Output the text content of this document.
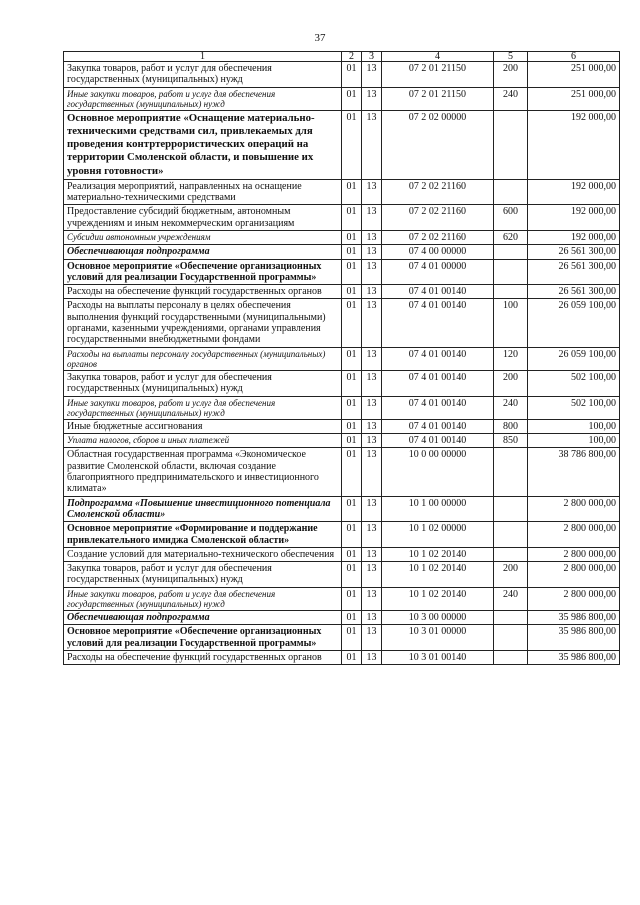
37
1	2	3	4	5	6
Закупка товаров, работ и услуг для обеспечения государственных (муниципальных) нужд	01	13	07 2 01 21150	200	251 000,00
Иные закупки товаров, работ и услуг для обеспечения государственных (муниципальных) нужд	01	13	07 2 01 21150	240	251 000,00
Основное мероприятие «Оснащение материально-техническими средствами сил, привлекаемых для проведения контртеррористических операций на территории Смоленской области, и повышение их уровня готовности»	01	13	07 2 02 00000		192 000,00
Реализация мероприятий, направленных на оснащение материально-техническими средствами	01	13	07 2 02 21160		192 000,00
Предоставление субсидий бюджетным, автономным учреждениям и иным некоммерческим организациям	01	13	07 2 02 21160	600	192 000,00
Субсидии автономным учреждениям	01	13	07 2 02 21160	620	192 000,00
Обеспечивающая подпрограмма	01	13	07 4 00 00000		26 561 300,00
Основное мероприятие «Обеспечение организационных условий для реализации Государственной программы»	01	13	07 4 01 00000		26 561 300,00
Расходы на обеспечение функций государственных органов	01	13	07 4 01 00140		26 561 300,00
Расходы на выплаты персоналу в целях обеспечения выполнения функций государственными (муниципальными) органами, казенными учреждениями, органами управления государственными внебюджетными фондами	01	13	07 4 01 00140	100	26 059 100,00
Расходы на выплаты персоналу государственных (муниципальных) органов	01	13	07 4 01 00140	120	26 059 100,00
Закупка товаров, работ и услуг для обеспечения государственных (муниципальных) нужд	01	13	07 4 01 00140	200	502 100,00
Иные закупки товаров, работ и услуг для обеспечения государственных (муниципальных) нужд	01	13	07 4 01 00140	240	502 100,00
Иные бюджетные ассигнования	01	13	07 4 01 00140	800	100,00
Уплата налогов, сборов и иных платежей	01	13	07 4 01 00140	850	100,00
Областная государственная программа «Экономическое развитие Смоленской области, включая создание благоприятного предпринимательского и инвестиционного климата»	01	13	10 0 00 00000		38 786 800,00
Подпрограмма «Повышение инвестиционного потенциала Смоленской области»	01	13	10 1 00 00000		2 800 000,00
Основное мероприятие «Формирование и поддержание привлекательного имиджа Смоленской области»	01	13	10 1 02 00000		2 800 000,00
Создание условий для материально-технического обеспечения	01	13	10 1 02 20140		2 800 000,00
Закупка товаров, работ и услуг для обеспечения государственных (муниципальных) нужд	01	13	10 1 02 20140	200	2 800 000,00
Иные закупки товаров, работ и услуг для обеспечения государственных (муниципальных) нужд	01	13	10 1 02 20140	240	2 800 000,00
Обеспечивающая подпрограмма	01	13	10 3 00 00000		35 986 800,00
Основное мероприятие «Обеспечение организационных условий для реализации Государственной программы»	01	13	10 3 01 00000		35 986 800,00
Расходы на обеспечение функций государственных органов	01	13	10 3 01 00140		35 986 800,00
